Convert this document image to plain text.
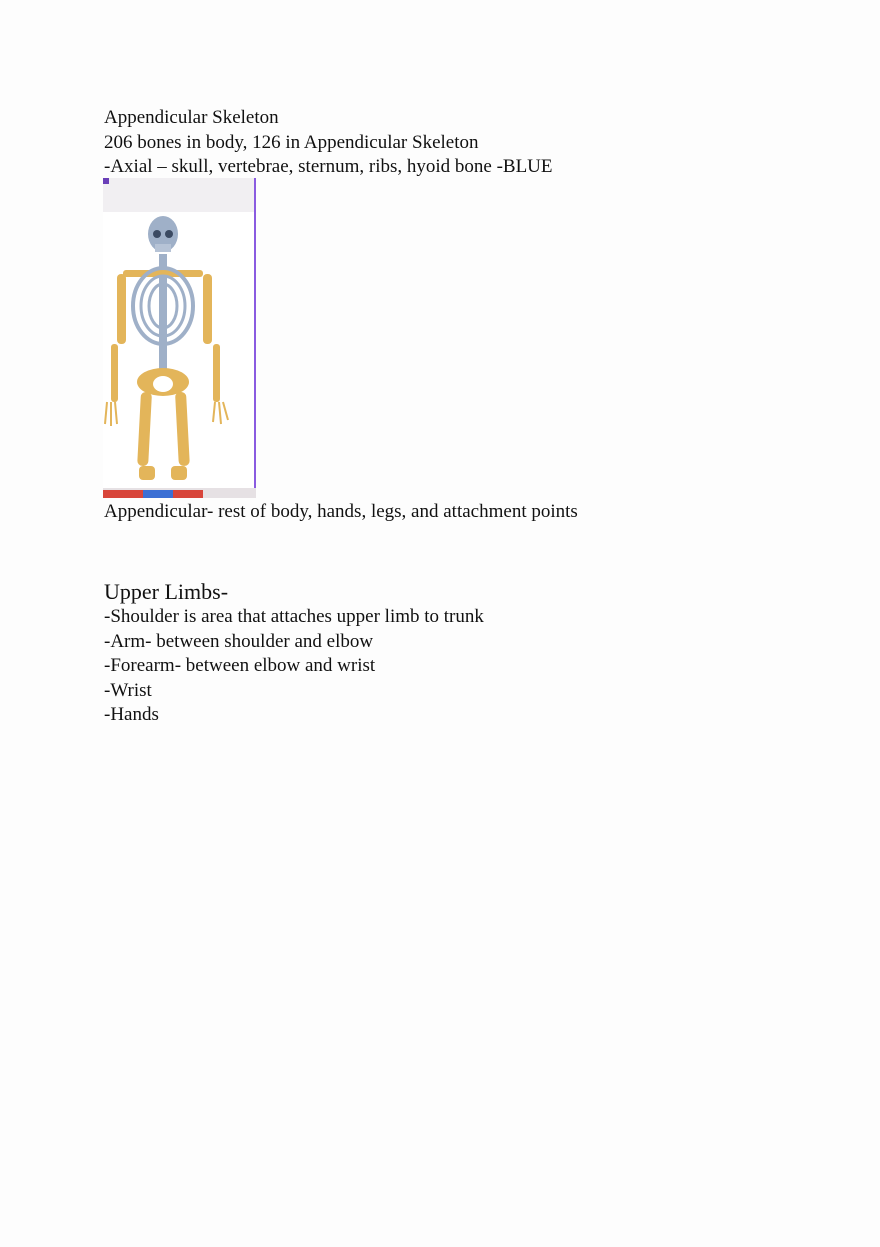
Appendicular Skeleton
206 bones in body, 126 in Appendicular Skeleton
-Axial – skull, vertebrae, sternum, ribs, hyoid bone -BLUE
Appendicular- rest of body, hands, legs, and attachment points
Upper Limbs-
-Shoulder is area that attaches upper limb to trunk
-Arm- between shoulder and elbow
-Forearm- between elbow and wrist
-Wrist
-Hands
